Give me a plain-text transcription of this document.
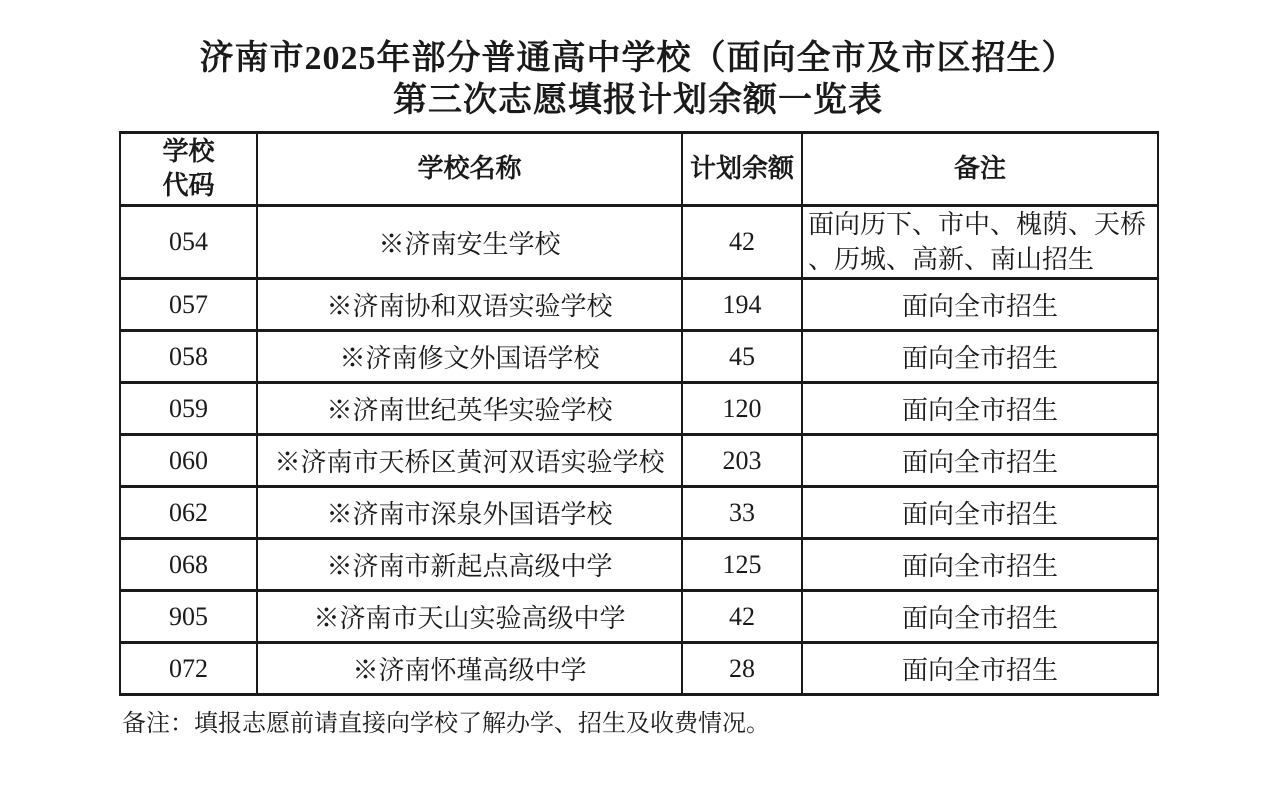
济南市2025年部分普通高中学校（面向全市及市区招生）
第三次志愿填报计划余额一览表
学校代码	学校名称	计划余额	备注
054	※济南安生学校	42	面向历下、市中、槐荫、天桥、历城、高新、南山招生
057	※济南协和双语实验学校	194	面向全市招生
058	※济南修文外国语学校	45	面向全市招生
059	※济南世纪英华实验学校	120	面向全市招生
060	※济南市天桥区黄河双语实验学校	203	面向全市招生
062	※济南市深泉外国语学校	33	面向全市招生
068	※济南市新起点高级中学	125	面向全市招生
905	※济南市天山实验高级中学	42	面向全市招生
072	※济南怀瑾高级中学	28	面向全市招生
备注：填报志愿前请直接向学校了解办学、招生及收费情况。
